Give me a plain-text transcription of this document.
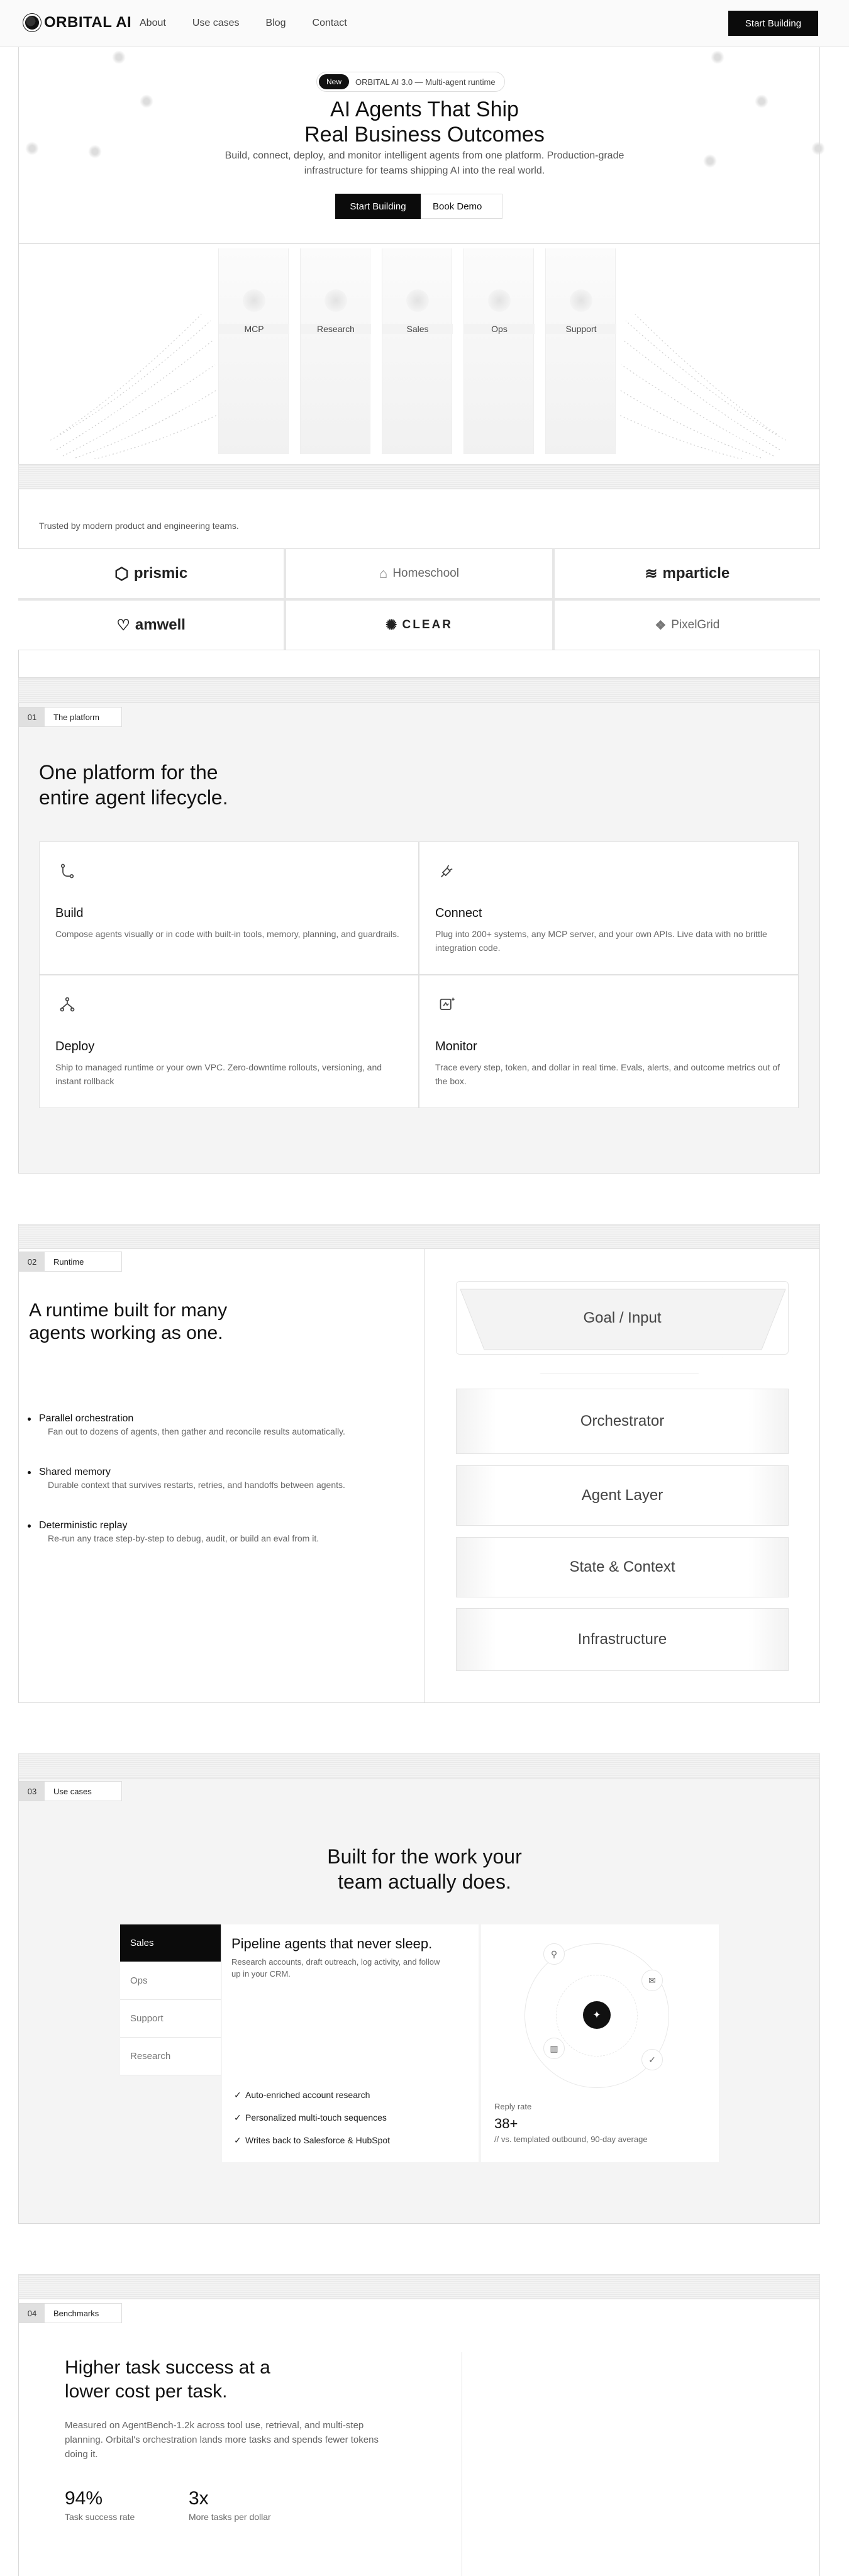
ORBITAL AI About	Use cases	Blog	Contact	Start Building
New	ORBITAL AI 3.0 — Multi-agent runtime
AI Agents That Ship
Real Business Outcomes
Build, connect, deploy, and monitor intelligent agents from one platform. Production-grade
infrastructure for teams shipping AI into the real world.
Start Building	Book Demo
MCP	Research	Sales	Ops	Support
Trusted by modern product and engineering teams.
⬡ prismic	⌂ Homeschool	≋ mparticle
♡ amwell	✺ CLEAR	❖ PixelGrid
01	The platform
One platform for the
entire agent lifecycle.
Build
Compose agents visually or in code with built-in tools, memory, planning, and guardrails.
Connect
Plug into 200+ systems, any MCP server, and your own APIs. Live data with no brittle integration code.
Deploy
Ship to managed runtime or your own VPC. Zero-downtime rollouts, versioning, and instant rollback
Monitor
Trace every step, token, and dollar in real time. Evals, alerts, and outcome metrics out of the box.
02	Runtime
A runtime built for many
agents working as one.
Parallel orchestration
Fan out to dozens of agents, then gather and reconcile results automatically.
Shared memory
Durable context that survives restarts, retries, and handoffs between agents.
Deterministic replay
Re-run any trace step-by-step to debug, audit, or build an eval from it.
Goal / Input
Orchestrator
Agent Layer
State & Context
Infrastructure
03	Use cases
Built for the work your
team actually does.
Sales
Ops
Support
Research
Pipeline agents that never sleep.
Research accounts, draft outreach, log activity, and follow
up in your CRM.
✓ Auto-enriched account research
✓ Personalized multi-touch sequences
✓ Writes back to Salesforce & HubSpot
✦
⚲
✉
▥
✓
Reply rate
38+
// vs. templated outbound, 90-day average
04	Benchmarks
Higher task success at a
lower cost per task.
Measured on AgentBench-1.2k across tool use, retrieval, and multi-step
planning. Orbital's orchestration lands more tasks and spends fewer tokens
doing it.
94%
Task success rate
3x
More tasks per dollar
